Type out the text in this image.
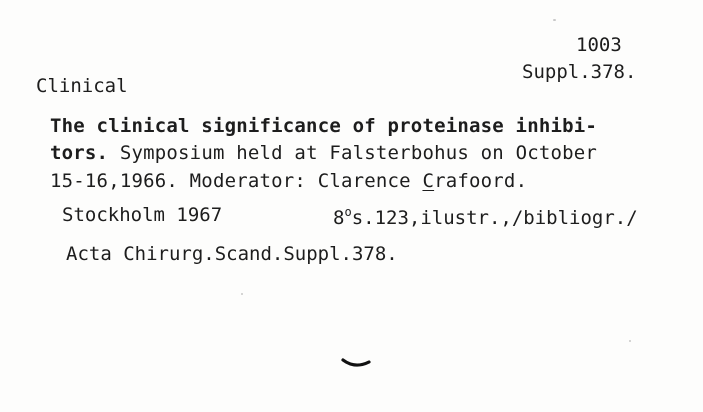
1003
Suppl.378.
Clinical
The clinical significance of proteinase inhibi-
tors. Symposium held at Falsterbohus on October
15-16,1966. Moderator: Clarence Crafoord.
Stockholm 1967	8$^o$s.123,ilustr.,/bibliogr./
Acta Chirurg.Scand.Suppl.378.
